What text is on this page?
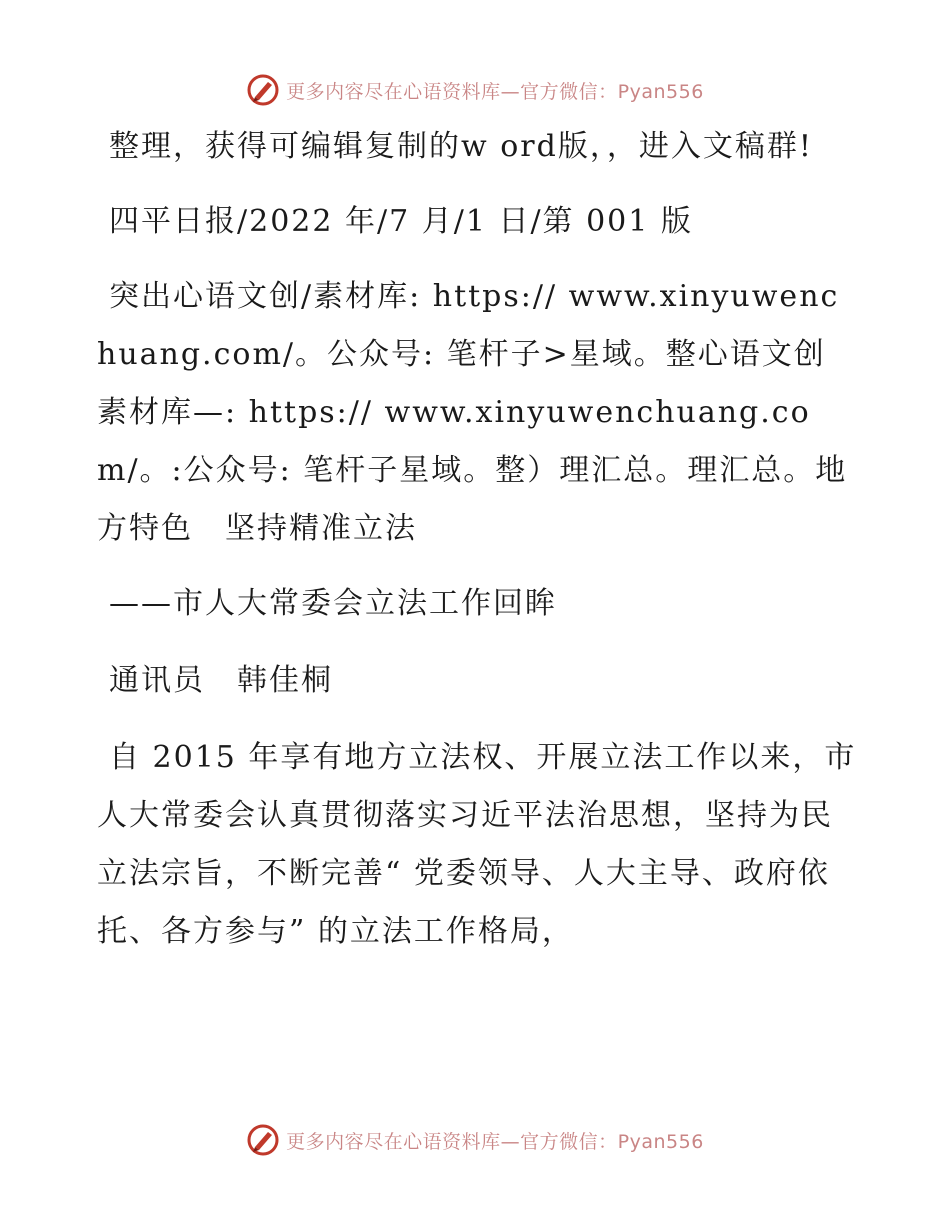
更多内容尽在心语资料库—官方微信：Pyan556

整理，获得可编辑复制的w ord版，，进入文稿群!

四平日报/2022 年/7 月/1 日/第 001 版

突出心语文创/素材库: https:// www.xinyuwenchuang.com/。公众号: 笔杆子>星域。整心语文创素材库—: https:// www.xinyuwenchuang.com/。:公众号: 笔杆子星域。整）理汇总。理汇总。地方特色　坚持精准立法

——市人大常委会立法工作回眸

通讯员　韩佳桐

自 2015 年享有地方立法权、开展立法工作以来，市人大常委会认真贯彻落实习近平法治思想，坚持为民立法宗旨，不断完善“ 党委领导、人大主导、政府依托、各方参与” 的立法工作格局，

更多内容尽在心语资料库—官方微信：Pyan556
